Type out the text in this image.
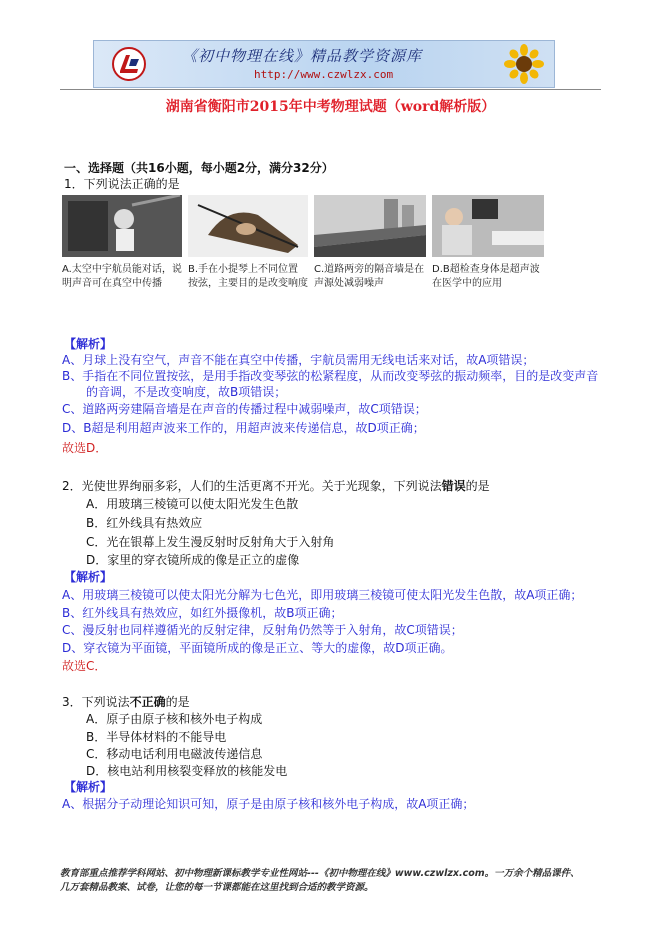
《初中物理在线》精品教学资源库
http://www.czwlzx.com
湖南省衡阳市2015年中考物理试题（word解析版）
一、选择题（共16小题，每小题2分，满分32分）
1．下列说法正确的是
A.太空中宇航员能对话，说明声音可在真空中传播
B.手在小提琴上不同位置按弦，主要目的是改变响度
C.道路两旁的隔音墙是在声源处减弱噪声
D.B超检查身体是超声波在医学中的应用
【解析】
A、月球上没有空气，声音不能在真空中传播，宇航员需用无线电话来对话，故A项错误；
B、手指在不同位置按弦，是用手指改变琴弦的松紧程度，从而改变琴弦的振动频率，目的是改变声音
的音调，不是改变响度，故B项错误；
C、道路两旁建隔音墙是在声音的传播过程中减弱噪声，故C项错误；
D、B超是利用超声波来工作的，用超声波来传递信息，故D项正确；
故选D．
2．光使世界绚丽多彩，人们的生活更离不开光。关于光现象，下列说法错误的是
A．用玻璃三棱镜可以使太阳光发生色散
B．红外线具有热效应
C．光在银幕上发生漫反射时反射角大于入射角
D．家里的穿衣镜所成的像是正立的虚像
【解析】
A、用玻璃三棱镜可以使太阳光分解为七色光，即用玻璃三棱镜可使太阳光发生色散，故A项正确；
B、红外线具有热效应，如红外摄像机，故B项正确；
C、漫反射也同样遵循光的反射定律，反射角仍然等于入射角，故C项错误；
D、穿衣镜为平面镜，平面镜所成的像是正立、等大的虚像，故D项正确。
故选C．
3．下列说法不正确的是
A．原子由原子核和核外电子构成
B．半导体材料的不能导电
C．移动电话利用电磁波传递信息
D．核电站利用核裂变释放的核能发电
【解析】
A、根据分子动理论知识可知，原子是由原子核和核外电子构成，故A项正确；
教育部重点推荐学科网站、初中物理新课标教学专业性网站---《初中物理在线》www.czwlzx.com。一万余个精品课件、
几万套精品教案、试卷，让您的每一节课都能在这里找到合适的教学资源。
